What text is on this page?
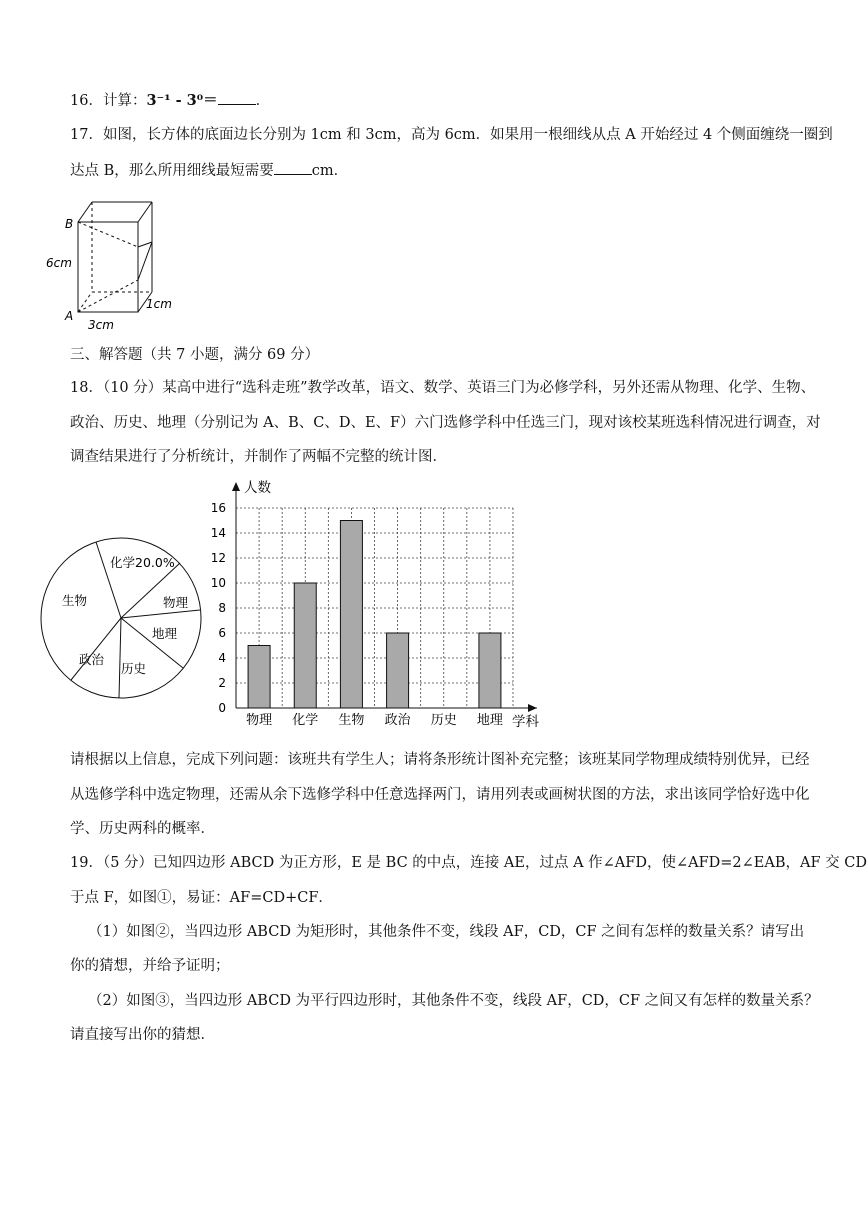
16．计算：3⁻¹ - 3⁰＝	．
17．如图，长方体的底面边长分别为 1cm 和 3cm，高为 6cm．如果用一根细线从点 A 开始经过 4 个侧面缠绕一圈到
达点 B，那么所用细线最短需要	cm．
B
A
6cm
1cm
3cm
三、解答题（共 7 小题，满分 69 分）
18．（10 分）某高中进行“选科走班”教学改革，语文、数学、英语三门为必修学科，另外还需从物理、化学、生物、
政治、历史、地理（分别记为 A、B、C、D、E、F）六门选修学科中任选三门，现对该校某班选科情况进行调查，对
调查结果进行了分析统计，并制作了两幅不完整的统计图．
化学20.0%
物理
地理
历史
政治
生物
0
2
4
6
8
10
12
14
16
物理 化学 生物 政治 历史 地理
人数
学科
请根据以上信息，完成下列问题：该班共有学生人；请将条形统计图补充完整；该班某同学物理成绩特别优异，已经
从选修学科中选定物理，还需从余下选修学科中任意选择两门，请用列表或画树状图的方法，求出该同学恰好选中化
学、历史两科的概率．
19．（5 分）已知四边形 ABCD 为正方形，E 是 BC 的中点，连接 AE，过点 A 作∠AFD，使∠AFD=2∠EAB，AF 交 CD
于点 F，如图①，易证：AF=CD+CF．
（1）如图②，当四边形 ABCD 为矩形时，其他条件不变，线段 AF，CD，CF 之间有怎样的数量关系？请写出
你的猜想，并给予证明；
（2）如图③，当四边形 ABCD 为平行四边形时，其他条件不变，线段 AF，CD，CF 之间又有怎样的数量关系？
请直接写出你的猜想．
